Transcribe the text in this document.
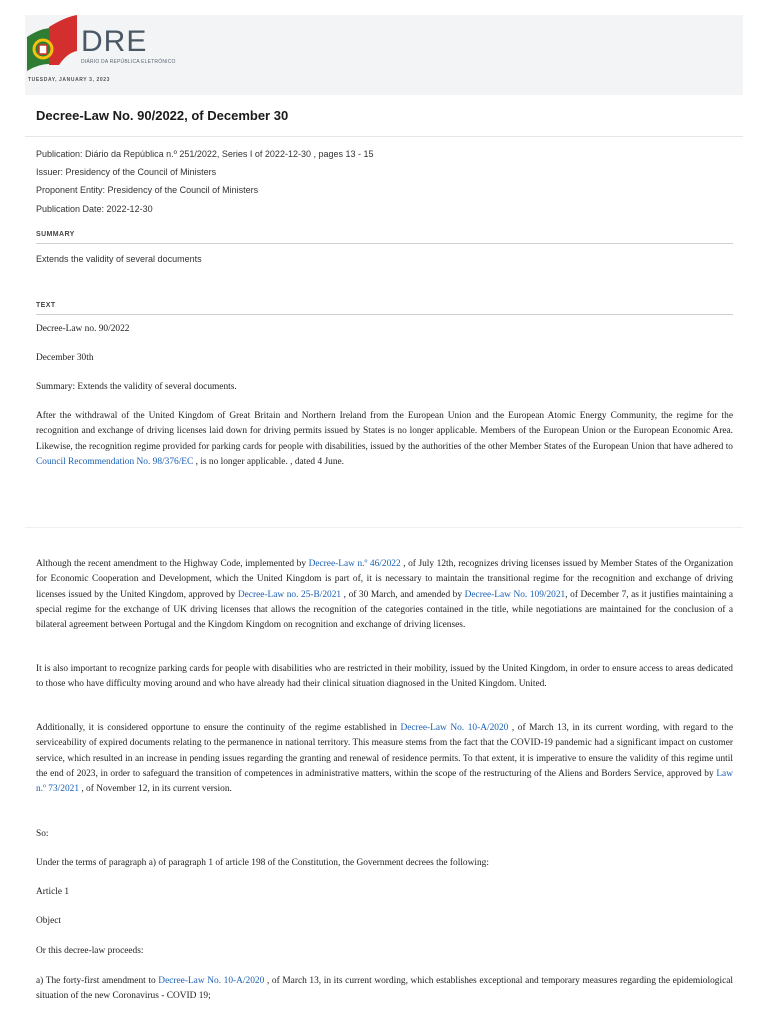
DRE
DIÁRIO DA REPÚBLICA ELETRÓNICO
TUESDAY, JANUARY 3, 2023
Decree-Law No. 90/2022, of December 30
Publication: Diário da República n.º 251/2022, Series I of 2022-12-30 , pages 13 - 15
Issuer: Presidency of the Council of Ministers
Proponent Entity: Presidency of the Council of Ministers
Publication Date: 2022-12-30
SUMMARY
Extends the validity of several documents
TEXT

Decree-Law no. 90/2022

December 30th

Summary: Extends the validity of several documents.

After the withdrawal of the United Kingdom of Great Britain and Northern Ireland from the European Union and the European Atomic Energy Community, the regime for the recognition and exchange of driving licenses laid down for driving permits issued by States is no longer applicable. Members of the European Union or the European Economic Area. Likewise, the recognition regime provided for parking cards for people with disabilities, issued by the authorities of the other Member States of the European Union that have adhered to Council Recommendation No. 98/376/EC , is no longer applicable. , dated 4 June.

Although the recent amendment to the Highway Code, implemented by Decree-Law n.º 46/2022 , of July 12th, recognizes driving licenses issued by Member States of the Organization for Economic Cooperation and Development, which the United Kingdom is part of, it is necessary to maintain the transitional regime for the recognition and exchange of driving licenses issued by the United Kingdom, approved by Decree-Law no. 25-B/2021 , of 30 March, and amended by Decree-Law No. 109/2021, of December 7, as it justifies maintaining a special regime for the exchange of UK driving licenses that allows the recognition of the categories contained in the title, while negotiations are maintained for the conclusion of a bilateral agreement between Portugal and the Kingdom Kingdom on recognition and exchange of driving licenses.

It is also important to recognize parking cards for people with disabilities who are restricted in their mobility, issued by the United Kingdom, in order to ensure access to areas dedicated to those who have difficulty moving around and who have already had their clinical situation diagnosed in the United Kingdom. United.

Additionally, it is considered opportune to ensure the continuity of the regime established in Decree-Law No. 10-A/2020 , of March 13, in its current wording, with regard to the serviceability of expired documents relating to the permanence in national territory. This measure stems from the fact that the COVID-19 pandemic had a significant impact on customer service, which resulted in an increase in pending issues regarding the granting and renewal of residence permits. To that extent, it is imperative to ensure the validity of this regime until the end of 2023, in order to safeguard the transition of competences in administrative matters, within the scope of the restructuring of the Aliens and Borders Service, approved by Law n.º 73/2021 , of November 12, in its current version.

So:

Under the terms of paragraph a) of paragraph 1 of article 198 of the Constitution, the Government decrees the following:

Article 1

Object

Or this decree-law proceeds:

a) The forty-first amendment to Decree-Law No. 10-A/2020 , of March 13, in its current wording, which establishes exceptional and temporary measures regarding the epidemiological situation of the new Coronavirus - COVID 19;
